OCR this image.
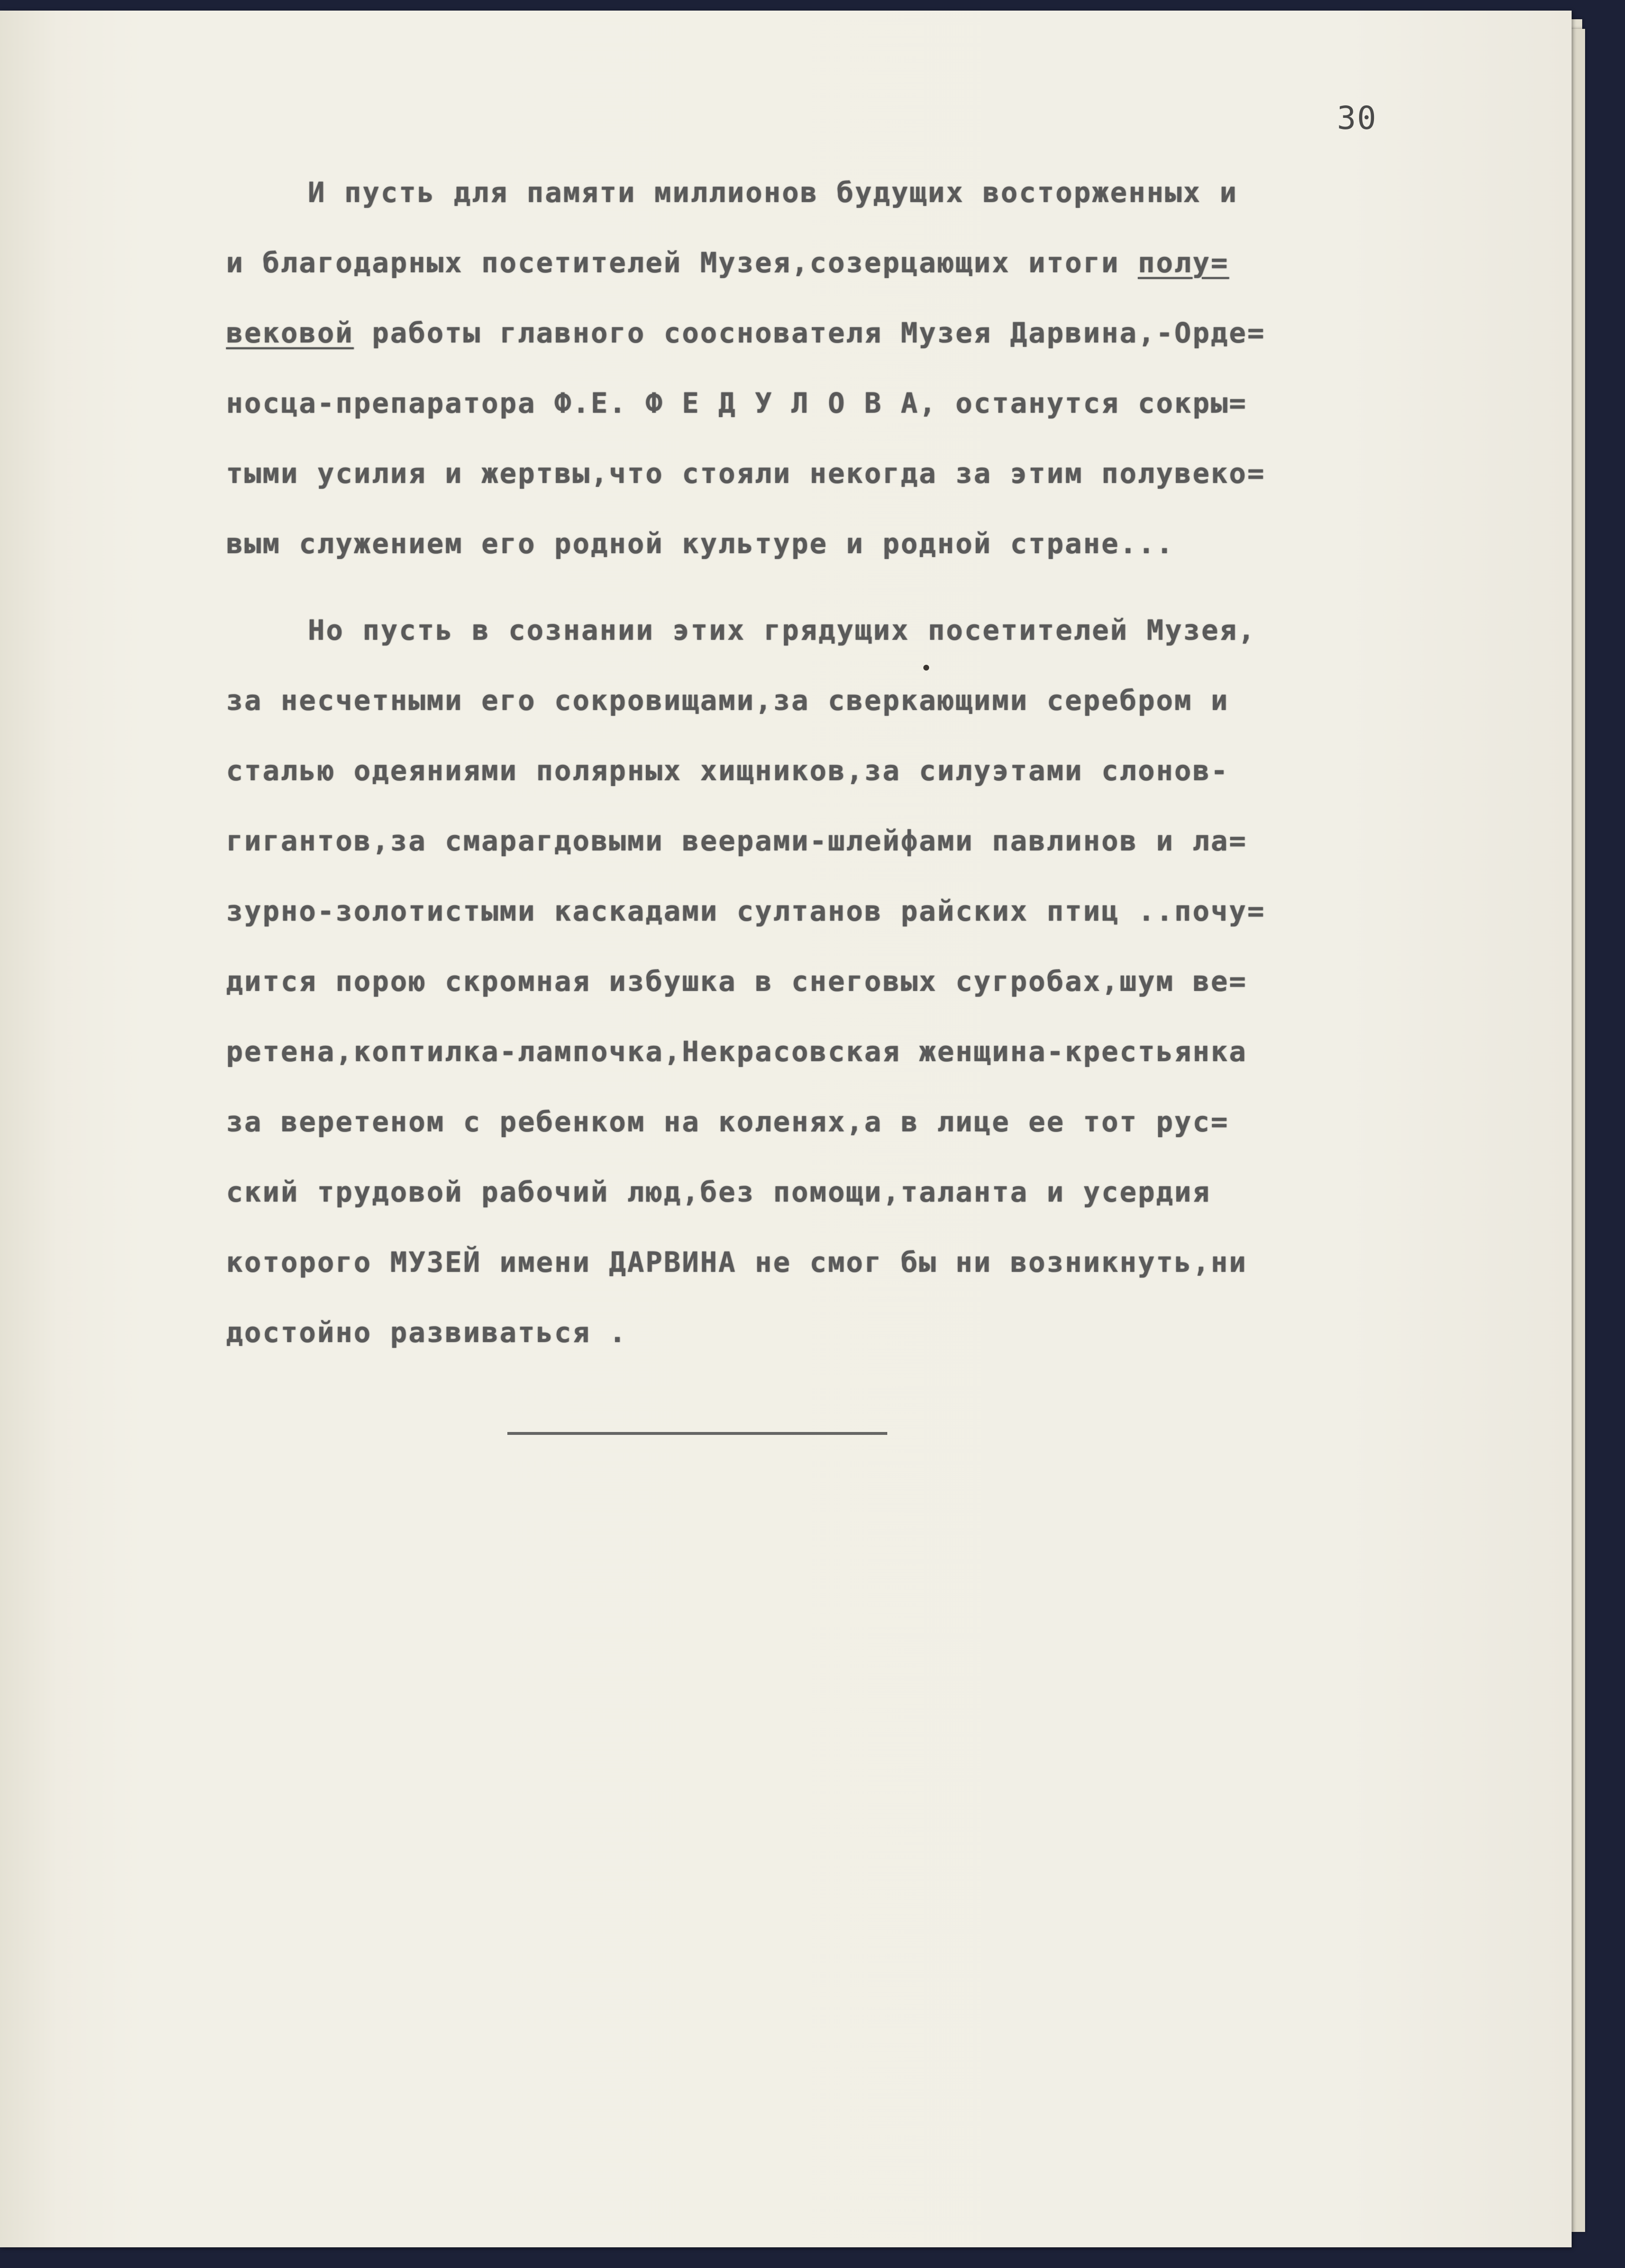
30
И пусть для памяти миллионов будущих восторженных и
и благодарных посетителей Музея,созерцающих итоги полу=
вековой работы главного сооснователя Музея Дарвина,-Орде=
носца-препаратора Ф.Е. Ф Е Д У Л О В А, останутся сокры=
тыми усилия и жертвы,что стояли некогда за этим полувеко=
вым служением его родной культуре и родной стране...
Но пусть в сознании этих грядущих посетителей Музея,
за несчетными его сокровищами,за сверкающими серебром и
сталью одеяниями полярных хищников,за силуэтами слонов-
гигантов,за смарагдовыми веерами-шлейфами павлинов и ла=
зурно-золотистыми каскадами султанов райских птиц ..почу=
дится порою скромная избушка в снеговых сугробах,шум ве=
ретена,коптилка-лампочка,Некрасовская женщина-крестьянка
за веретеном с ребенком на коленях,а в лице ее тот рус=
ский трудовой рабочий люд,без помощи,таланта и усердия
которого МУЗЕЙ имени ДАРВИНА не смог бы ни возникнуть,ни
достойно развиваться .
